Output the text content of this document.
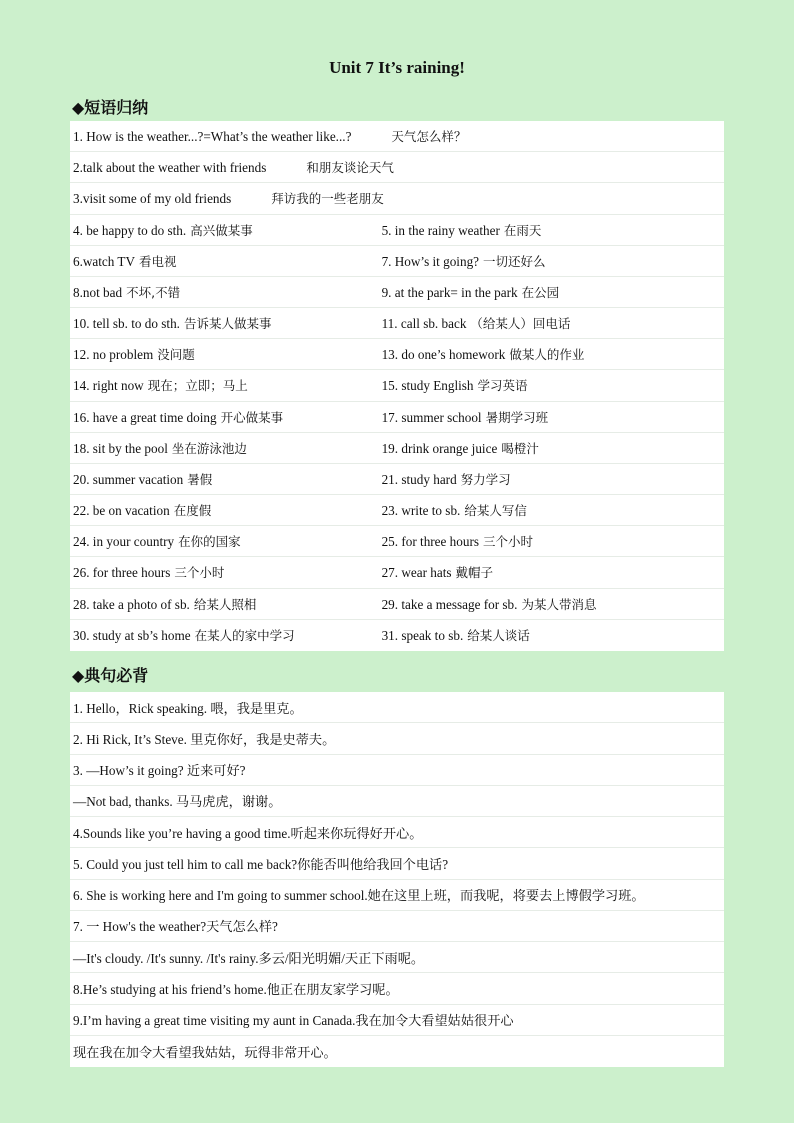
Unit 7 It’s raining!
◆短语归纳
1. How is the weather...?=What’s the weather like...?	天气怎么样？
2.talk about the weather with friends	和朋友谈论天气
3.visit some of my old friends	拜访我的一些老朋友
4. be happy to do sth. 高兴做某事	5. in the rainy weather 在雨天
6.watch TV 看电视	7. How’s it going? 一切还好么
8.not bad 不坏,不错	9. at the park= in the park 在公园
10. tell sb. to do sth. 告诉某人做某事	11. call sb. back （给某人）回电话
12. no problem 没问题	13. do one’s homework 做某人的作业
14. right now 现在；立即；马上	15. study English 学习英语
16. have a great time doing 开心做某事	17. summer school 暑期学习班
18. sit by the pool 坐在游泳池边	19. drink orange juice 喝橙汁
20. summer vacation 暑假	21. study hard 努力学习
22. be on vacation 在度假	23. write to sb. 给某人写信
24. in your country 在你的国家	25. for three hours 三个小时
26. for three hours 三个小时	27. wear hats 戴帽子
28. take a photo of sb. 给某人照相	29. take a message for sb. 为某人带消息
30. study at sb’s home 在某人的家中学习	31. speak to sb. 给某人谈话
◆典句必背
1. Hello，Rick speaking. 喂，我是里克。
2. Hi Rick, It’s Steve. 里克你好，我是史蒂夫。
3. —How’s it going? 近来可好?
—Not bad, thanks. 马马虎虎，谢谢。
4.Sounds like you’re having a good time.听起来你玩得好开心。
5. Could you just tell him to call me back?你能否叫他给我回个电话?
6. She is working here and I'm going to summer school.她在这里上班，而我呢，将要去上博假学习班。
7. 一 How's the weather?天气怎么样?
—It's cloudy. /It's sunny. /It's rainy.多云/阳光明媚/天正下雨呢。
8.He’s studying at his friend’s home.他正在朋友家学习呢。
9.I’m having a great time visiting my aunt in Canada.我在加令大看望姑姑很开心
现在我在加令大看望我姑姑，玩得非常开心。
